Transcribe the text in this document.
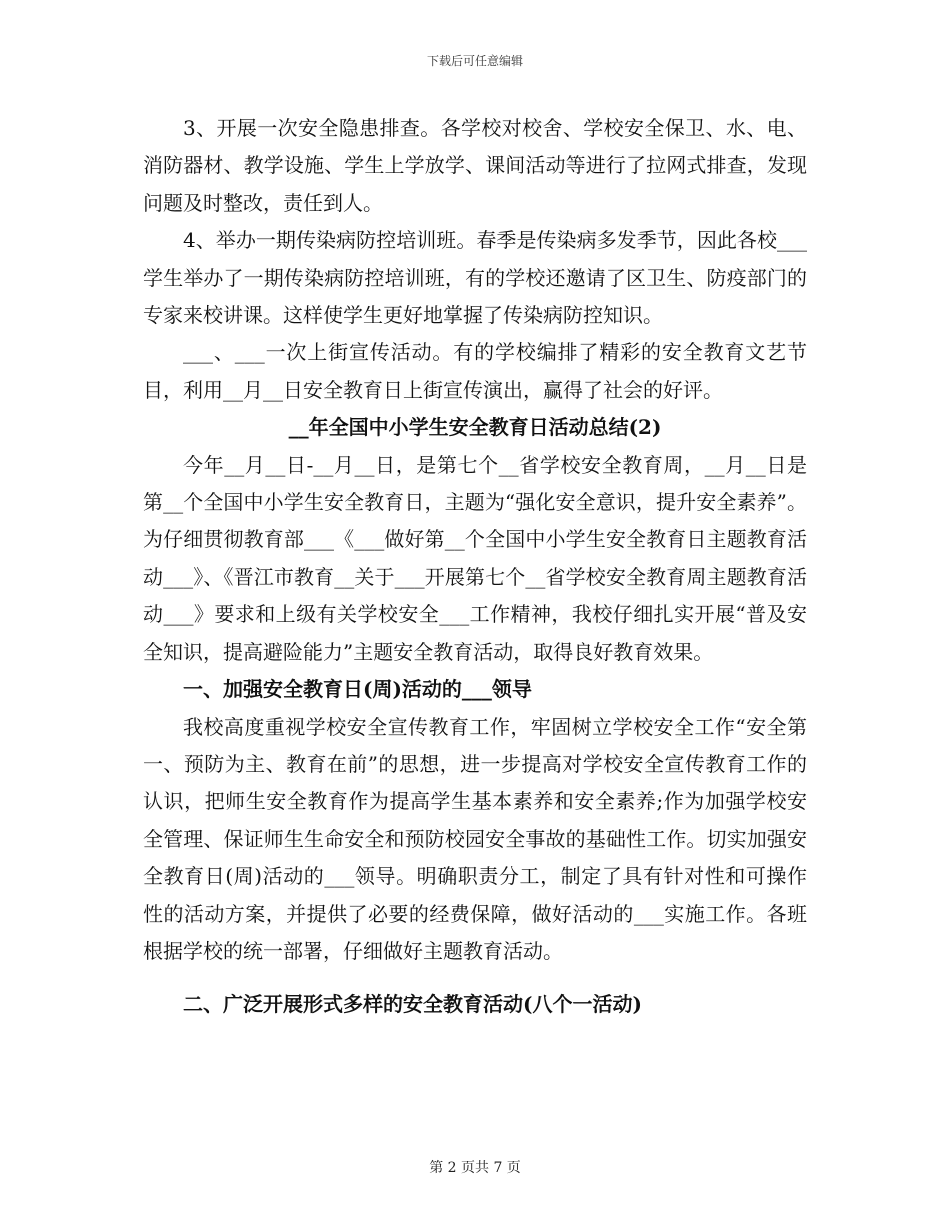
下载后可任意编辑

3、开展一次安全隐患排查。各学校对校舍、学校安全保卫、水、电、消防器材、教学设施、学生上学放学、课间活动等进行了拉网式排查，发现问题及时整改，责任到人。

4、举办一期传染病防控培训班。春季是传染病多发季节，因此各校___学生举办了一期传染病防控培训班，有的学校还邀请了区卫生、防疫部门的专家来校讲课。这样使学生更好地掌握了传染病防控知识。

___、___一次上街宣传活动。有的学校编排了精彩的安全教育文艺节目，利用__月__日安全教育日上街宣传演出，赢得了社会的好评。

__年全国中小学生安全教育日活动总结(2)

今年__月__日-__月__日，是第七个__省学校安全教育周，__月__日是第__个全国中小学生安全教育日，主题为“强化安全意识，提升安全素养”。为仔细贯彻教育部___《___做好第__个全国中小学生安全教育日主题教育活动___》、《晋江市教育__关于___开展第七个__省学校安全教育周主题教育活动___》要求和上级有关学校安全___工作精神，我校仔细扎实开展“普及安全知识，提高避险能力”主题安全教育活动，取得良好教育效果。

一、加强安全教育日(周)活动的___领导

我校高度重视学校安全宣传教育工作，牢固树立学校安全工作“安全第一、预防为主、教育在前”的思想，进一步提高对学校安全宣传教育工作的认识，把师生安全教育作为提高学生基本素养和安全素养;作为加强学校安全管理、保证师生生命安全和预防校园安全事故的基础性工作。切实加强安全教育日(周)活动的___领导。明确职责分工，制定了具有针对性和可操作性的活动方案，并提供了必要的经费保障，做好活动的___实施工作。各班根据学校的统一部署，仔细做好主题教育活动。

二、广泛开展形式多样的安全教育活动(八个一活动)

第 2 页共 7 页
